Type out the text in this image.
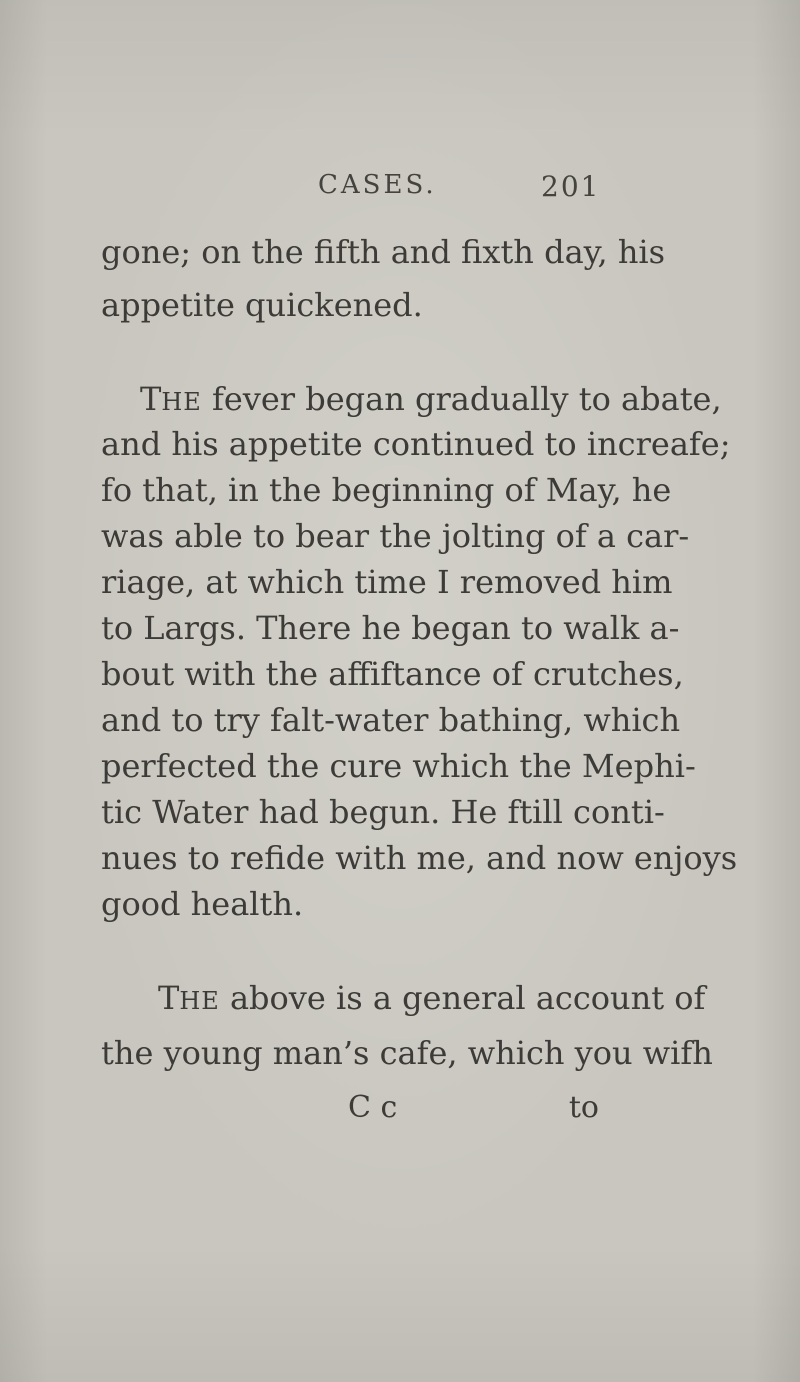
CASES.	201
gone; on the fifth and fixth day, his
appetite quickened.
THE fever began gradually to abate,
and his appetite continued to increafe;
fo that, in the beginning of May, he
was able to bear the jolting of a car-
riage, at which time I removed him
to Largs. There he began to walk a-
bout with the affiftance of crutches,
and to try falt-water bathing, which
perfected the cure which the Mephi-
tic Water had begun. He ftill conti-
nues to refide with me, and now enjoys
good health.
THE above is a general account of
the young man’s cafe, which you wifh
C c	to
